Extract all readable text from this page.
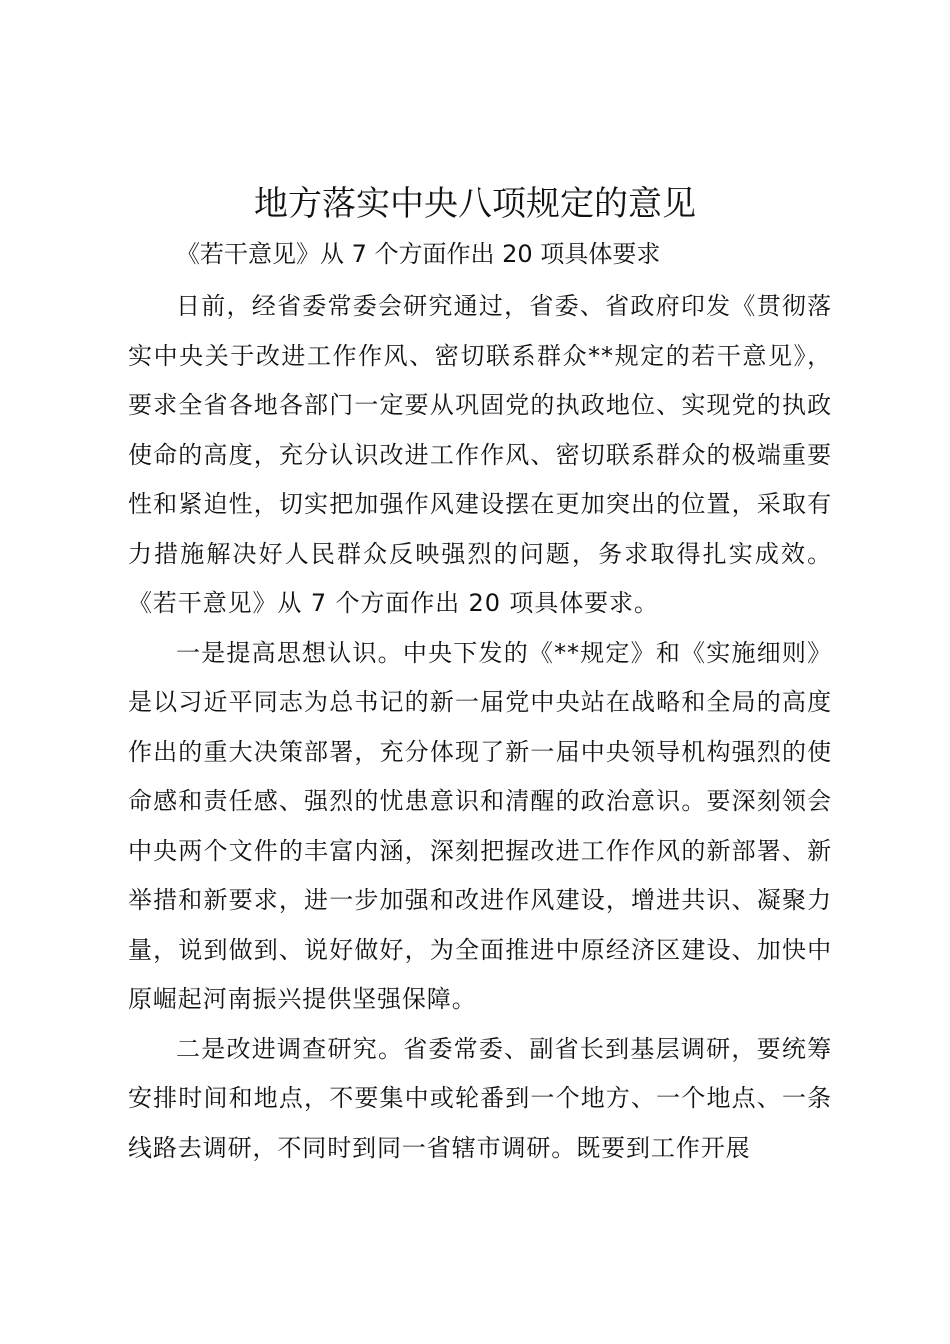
地方落实中央八项规定的意见

《若干意见》从 7 个方面作出 20 项具体要求

日前，经省委常委会研究通过，省委、省政府印发《贯彻落实中央关于改进工作作风、密切联系群众**规定的若干意见》，要求全省各地各部门一定要从巩固党的执政地位、实现党的执政使命的高度，充分认识改进工作作风、密切联系群众的极端重要性和紧迫性，切实把加强作风建设摆在更加突出的位置，采取有力措施解决好人民群众反映强烈的问题，务求取得扎实成效。《若干意见》从 7 个方面作出 20 项具体要求。

一是提高思想认识。中央下发的《**规定》和《实施细则》是以习近平同志为总书记的新一届党中央站在战略和全局的高度作出的重大决策部署，充分体现了新一届中央领导机构强烈的使命感和责任感、强烈的忧患意识和清醒的政治意识。要深刻领会中央两个文件的丰富内涵，深刻把握改进工作作风的新部署、新举措和新要求，进一步加强和改进作风建设，增进共识、凝聚力量，说到做到、说好做好，为全面推进中原经济区建设、加快中原崛起河南振兴提供坚强保障。

二是改进调查研究。省委常委、副省长到基层调研，要统筹安排时间和地点，不要集中或轮番到一个地方、一个地点、一条线路去调研，不同时到同一省辖市调研。既要到工作开展
